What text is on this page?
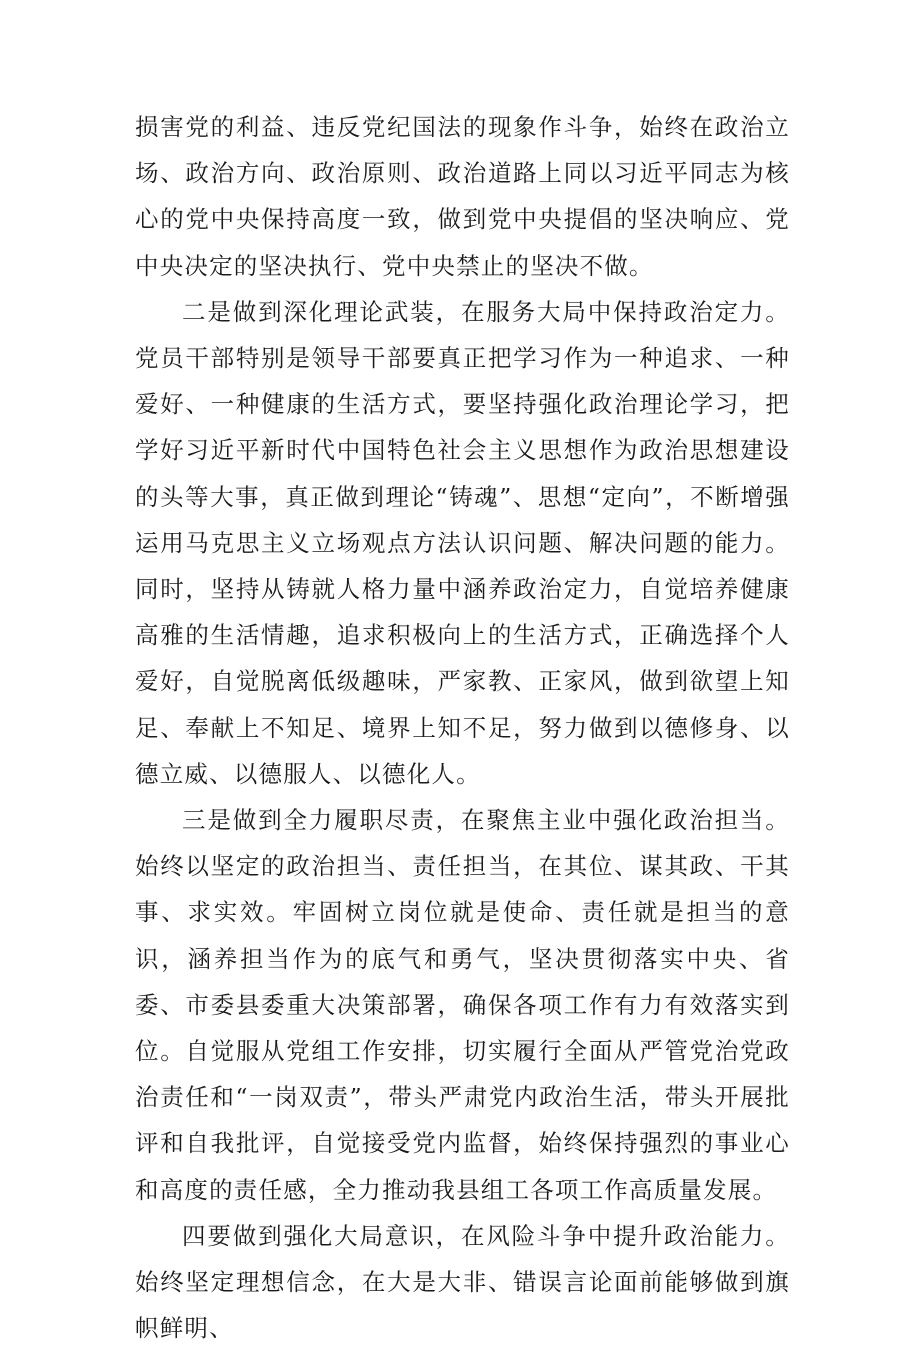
损害党的利益、违反党纪国法的现象作斗争，始终在政治立场、政治方向、政治原则、政治道路上同以习近平同志为核心的党中央保持高度一致，做到党中央提倡的坚决响应、党中央决定的坚决执行、党中央禁止的坚决不做。

二是做到深化理论武装，在服务大局中保持政治定力。党员干部特别是领导干部要真正把学习作为一种追求、一种爱好、一种健康的生活方式，要坚持强化政治理论学习，把学好习近平新时代中国特色社会主义思想作为政治思想建设的头等大事，真正做到理论“铸魂”、思想“定向”，不断增强运用马克思主义立场观点方法认识问题、解决问题的能力。同时，坚持从铸就人格力量中涵养政治定力，自觉培养健康高雅的生活情趣，追求积极向上的生活方式，正确选择个人爱好，自觉脱离低级趣味，严家教、正家风，做到欲望上知足、奉献上不知足、境界上知不足，努力做到以德修身、以德立威、以德服人、以德化人。

三是做到全力履职尽责，在聚焦主业中强化政治担当。始终以坚定的政治担当、责任担当，在其位、谋其政、干其事、求实效。牢固树立岗位就是使命、责任就是担当的意识，涵养担当作为的底气和勇气，坚决贯彻落实中央、省委、市委县委重大决策部署，确保各项工作有力有效落实到位。自觉服从党组工作安排，切实履行全面从严管党治党政治责任和“一岗双责”，带头严肃党内政治生活，带头开展批评和自我批评，自觉接受党内监督，始终保持强烈的事业心和高度的责任感，全力推动我县组工各项工作高质量发展。

四要做到强化大局意识，在风险斗争中提升政治能力。始终坚定理想信念，在大是大非、错误言论面前能够做到旗帜鲜明、
